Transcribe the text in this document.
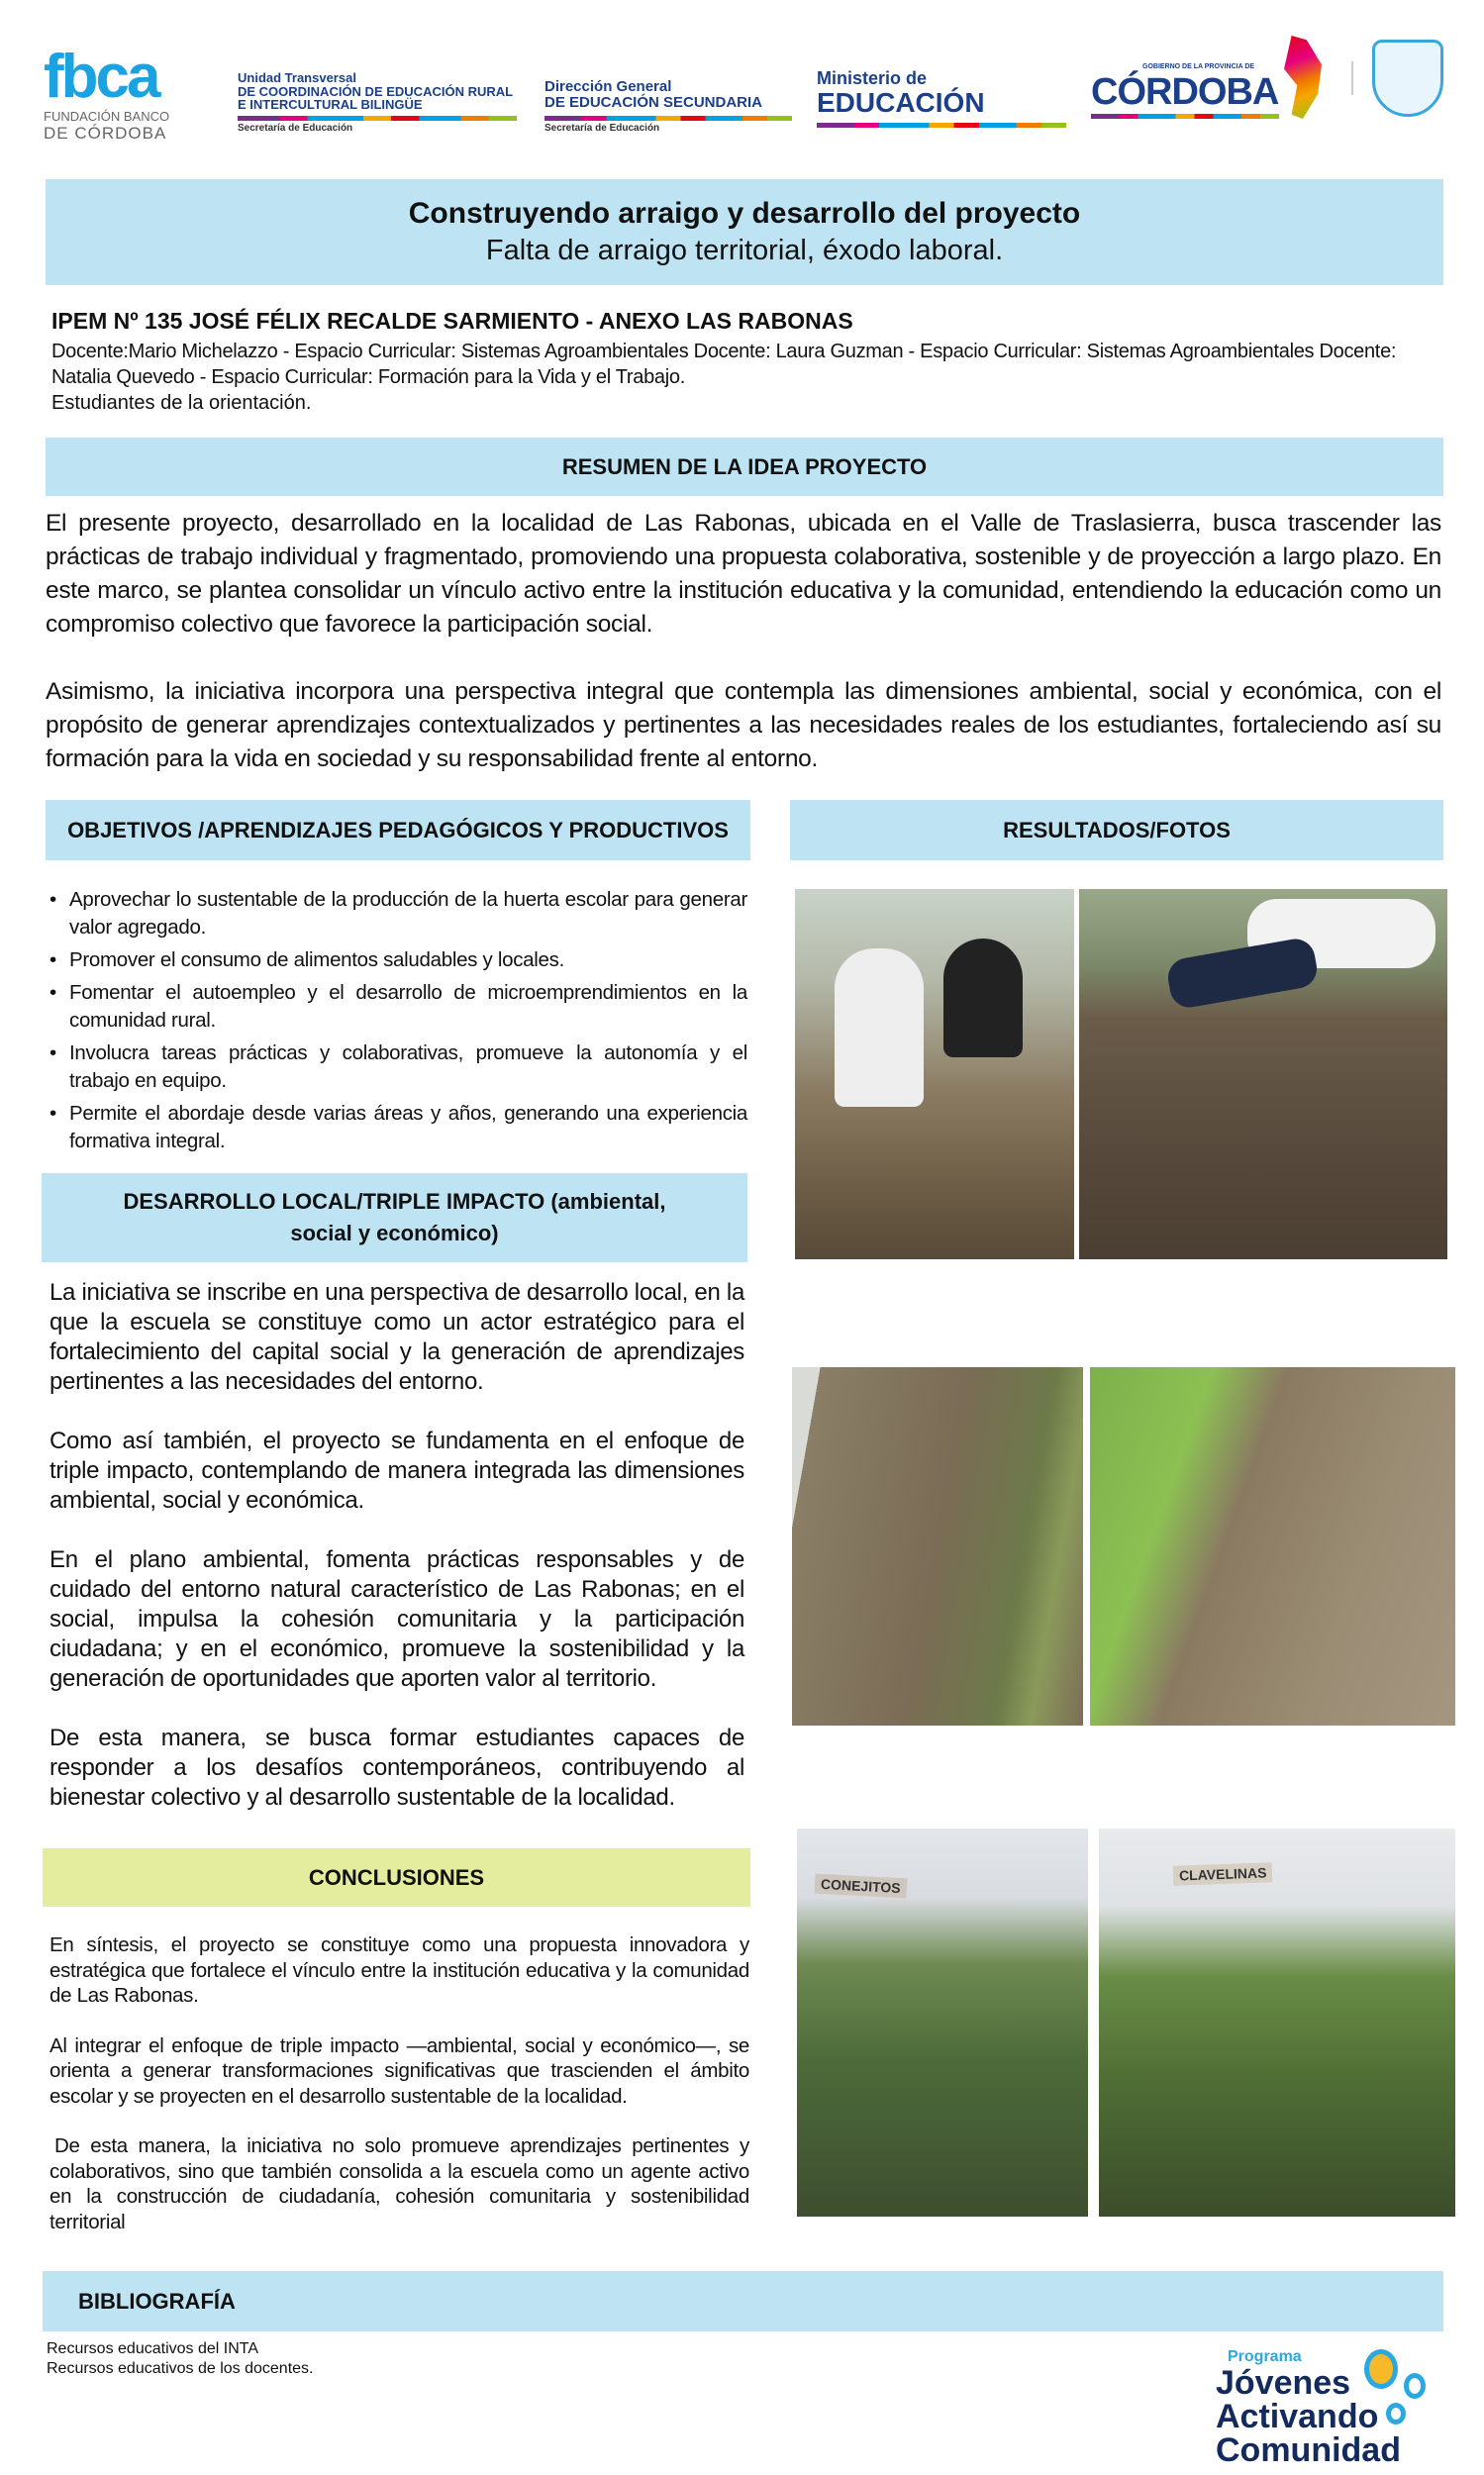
fbca
FUNDACIÓN BANCO
DE CÓRDOBA
Unidad Transversal
DE COORDINACIÓN DE EDUCACIÓN RURAL
E INTERCULTURAL BILINGÜE
Secretaría de Educación
Dirección General
DE EDUCACIÓN SECUNDARIA
Secretaría de Educación
Ministerio de
EDUCACIÓN
GOBIERNO DE LA PROVINCIA DE
CÓRDOBA
Construyendo arraigo y desarrollo del proyecto
Falta de arraigo territorial, éxodo laboral.
IPEM Nº 135 JOSÉ FÉLIX RECALDE SARMIENTO - ANEXO LAS RABONAS
Docente:Mario Michelazzo - Espacio Curricular: Sistemas Agroambientales Docente: Laura Guzman - Espacio Curricular: Sistemas Agroambientales Docente: Natalia Quevedo - Espacio Curricular: Formación para la Vida y el Trabajo.
Estudiantes de la orientación.
RESUMEN DE LA IDEA PROYECTO

El presente proyecto, desarrollado en la localidad de Las Rabonas, ubicada en el Valle de Traslasierra, busca trascender las prácticas de trabajo individual y fragmentado, promoviendo una propuesta colaborativa, sostenible y de proyección a largo plazo. En este marco, se plantea consolidar un vínculo activo entre la institución educativa y la comunidad, entendiendo la educación como un compromiso colectivo que favorece la participación social.

Asimismo, la iniciativa incorpora una perspectiva integral que contempla las dimensiones ambiental, social y económica, con el propósito de generar aprendizajes contextualizados y pertinentes a las necesidades reales de los estudiantes, fortaleciendo así su formación para la vida en sociedad y su responsabilidad frente al entorno.

OBJETIVOS /APRENDIZAJES PEDAGÓGICOS Y PRODUCTIVOS
• Aprovechar lo sustentable de la producción de la huerta escolar para generar valor agregado.
• Promover el consumo de alimentos saludables y locales.
• Fomentar el autoempleo y el desarrollo de microemprendimientos en la comunidad rural.
• Involucra tareas prácticas y colaborativas, promueve la autonomía y el trabajo en equipo.
• Permite el abordaje desde varias áreas y años, generando una experiencia formativa integral.
DESARROLLO LOCAL/TRIPLE IMPACTO (ambiental, social y económico)

La iniciativa se inscribe en una perspectiva de desarrollo local, en la que la escuela se constituye como un actor estratégico para el fortalecimiento del capital social y la generación de aprendizajes pertinentes a las necesidades del entorno.

Como así también, el proyecto se fundamenta en el enfoque de triple impacto, contemplando de manera integrada las dimensiones ambiental, social y económica.

En el plano ambiental, fomenta prácticas responsables y de cuidado del entorno natural característico de Las Rabonas; en el social, impulsa la cohesión comunitaria y la participación ciudadana; y en el económico, promueve la sostenibilidad y la generación de oportunidades que aporten valor al territorio.

De esta manera, se busca formar estudiantes capaces de responder a los desafíos contemporáneos, contribuyendo al bienestar colectivo y al desarrollo sustentable de la localidad.

CONCLUSIONES

En síntesis, el proyecto se constituye como una propuesta innovadora y estratégica que fortalece el vínculo entre la institución educativa y la comunidad de Las Rabonas.

Al integrar el enfoque de triple impacto —ambiental, social y económico—, se orienta a generar transformaciones significativas que trascienden el ámbito escolar y se proyecten en el desarrollo sustentable de la localidad.

De esta manera, la iniciativa no solo promueve aprendizajes pertinentes y colaborativos, sino que también consolida a la escuela como un agente activo en la construcción de ciudadanía, cohesión comunitaria y sostenibilidad territorial

RESULTADOS/FOTOS
CONEJITOS
CLAVELINAS
BIBLIOGRAFÍA
Recursos educativos del INTA
Recursos educativos de los docentes.
Programa
Jóvenes
Activando
Comunidad
